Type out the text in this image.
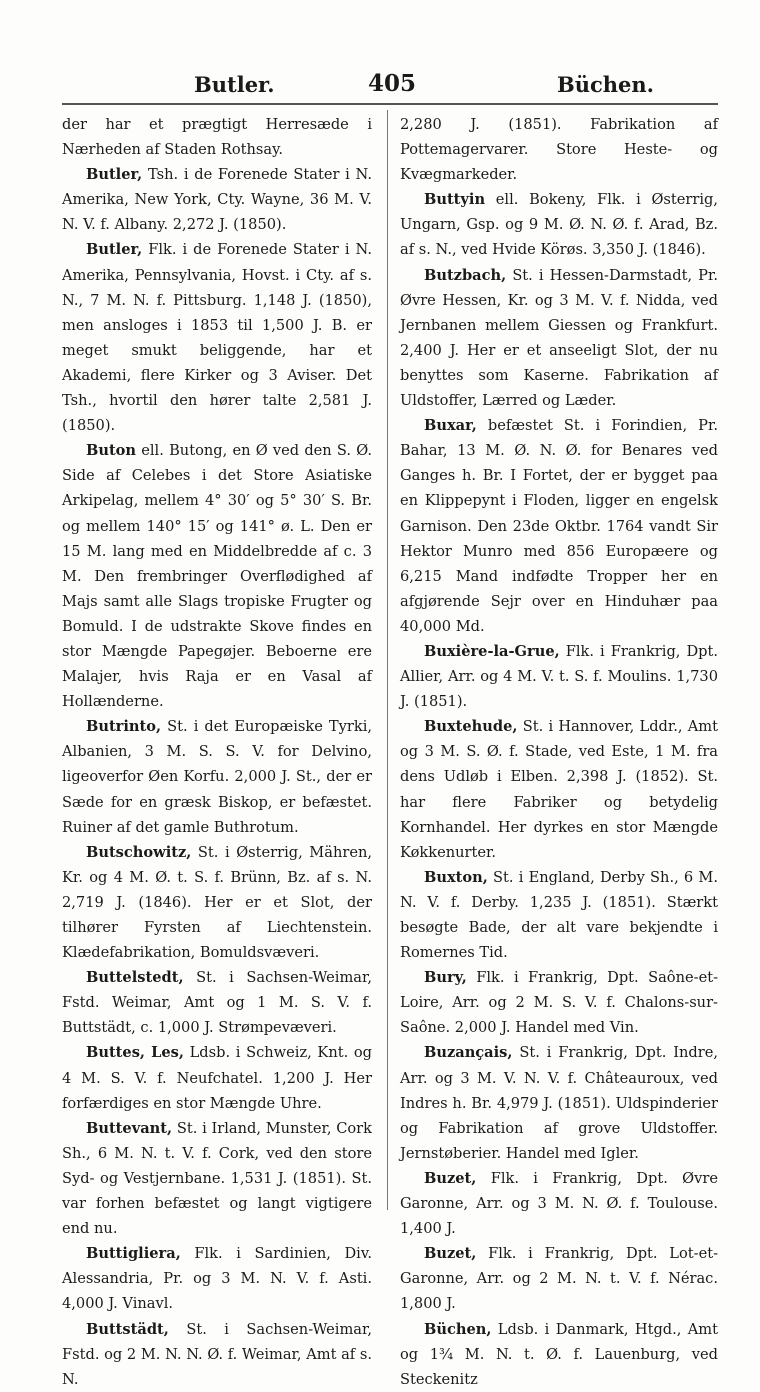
Butler.	405	Büchen.

der har et prægtigt Herresæde i Nærheden af Staden Rothsay.

Butler, Tsh. i de Forenede Stater i N. Amerika, New York, Cty. Wayne, 36 M. V. N. V. f. Albany. 2,272 J. (1850).

Butler, Flk. i de Forenede Stater i N. Amerika, Pennsylvania, Hovst. i Cty. af s. N., 7 M. N. f. Pittsburg. 1,148 J. (1850), men ansloges i 1853 til 1,500 J. B. er meget smukt beliggende, har et Akademi, flere Kirker og 3 Aviser. Det Tsh., hvortil den hører talte 2,581 J. (1850).

Buton ell. Butong, en Ø ved den S. Ø. Side af Celebes i det Store Asiatiske Arkipelag, mellem 4° 30′ og 5° 30′ S. Br. og mellem 140° 15′ og 141° ø. L. Den er 15 M. lang med en Middelbredde af c. 3 M. Den frembringer Overflødighed af Majs samt alle Slags tropiske Frugter og Bomuld. I de udstrakte Skove findes en stor Mængde Papegøjer. Beboerne ere Malajer, hvis Raja er en Vasal af Hollænderne.

Butrinto, St. i det Europæiske Tyrki, Albanien, 3 M. S. S. V. for Delvino, ligeoverfor Øen Korfu. 2,000 J. St., der er Sæde for en græsk Biskop, er befæstet. Ruiner af det gamle Buthrotum.

Butschowitz, St. i Østerrig, Mähren, Kr. og 4 M. Ø. t. S. f. Brünn, Bz. af s. N. 2,719 J. (1846). Her er et Slot, der tilhører Fyrsten af Liechtenstein. Klædefabrikation, Bomuldsvæveri.

Buttelstedt, St. i Sachsen-Weimar, Fstd. Weimar, Amt og 1 M. S. V. f. Buttstädt, c. 1,000 J. Strømpevæveri.

Buttes, Les, Ldsb. i Schweiz, Knt. og 4 M. S. V. f. Neufchatel. 1,200 J. Her forfærdiges en stor Mængde Uhre.

Buttevant, St. i Irland, Munster, Cork Sh., 6 M. N. t. V. f. Cork, ved den store Syd- og Vestjernbane. 1,531 J. (1851). St. var forhen befæstet og langt vigtigere end nu.

Buttigliera, Flk. i Sardinien, Div. Alessandria, Pr. og 3 M. N. V. f. Asti. 4,000 J. Vinavl.

Buttstädt, St. i Sachsen-Weimar, Fstd. og 2 M. N. N. Ø. f. Weimar, Amt af s. N.

2,280 J. (1851). Fabrikation af Pottemagervarer. Store Heste- og Kvægmarkeder.

Buttyin ell. Bokeny, Flk. i Østerrig, Ungarn, Gsp. og 9 M. Ø. N. Ø. f. Arad, Bz. af s. N., ved Hvide Körøs. 3,350 J. (1846).

Butzbach, St. i Hessen-Darmstadt, Pr. Øvre Hessen, Kr. og 3 M. V. f. Nidda, ved Jernbanen mellem Giessen og Frankfurt. 2,400 J. Her er et anseeligt Slot, der nu benyttes som Kaserne. Fabrikation af Uldstoffer, Lærred og Læder.

Buxar, befæstet St. i Forindien, Pr. Bahar, 13 M. Ø. N. Ø. for Benares ved Ganges h. Br. I Fortet, der er bygget paa en Klippepynt i Floden, ligger en engelsk Garnison. Den 23de Oktbr. 1764 vandt Sir Hektor Munro med 856 Europæere og 6,215 Mand indfødte Tropper her en afgjørende Sejr over en Hinduhær paa 40,000 Md.

Buxière-la-Grue, Flk. i Frankrig, Dpt. Allier, Arr. og 4 M. V. t. S. f. Moulins. 1,730 J. (1851).

Buxtehude, St. i Hannover, Lddr., Amt og 3 M. S. Ø. f. Stade, ved Este, 1 M. fra dens Udløb i Elben. 2,398 J. (1852). St. har flere Fabriker og betydelig Kornhandel. Her dyrkes en stor Mængde Køkkenurter.

Buxton, St. i England, Derby Sh., 6 M. N. V. f. Derby. 1,235 J. (1851). Stærkt besøgte Bade, der alt vare bekjendte i Romernes Tid.

Bury, Flk. i Frankrig, Dpt. Saône-et-Loire, Arr. og 2 M. S. V. f. Chalons-sur-Saône. 2,000 J. Handel med Vin.

Buzançais, St. i Frankrig, Dpt. Indre, Arr. og 3 M. V. N. V. f. Châteauroux, ved Indres h. Br. 4,979 J. (1851). Uldspinderier og Fabrikation af grove Uldstoffer. Jernstøberier. Handel med Igler.

Buzet, Flk. i Frankrig, Dpt. Øvre Garonne, Arr. og 3 M. N. Ø. f. Toulouse. 1,400 J.

Buzet, Flk. i Frankrig, Dpt. Lot-et-Garonne, Arr. og 2 M. N. t. V. f. Nérac. 1,800 J.

Büchen, Ldsb. i Danmark, Htgd., Amt og 1¾ M. N. t. Ø. f. Lauenburg, ved Steckenitz
